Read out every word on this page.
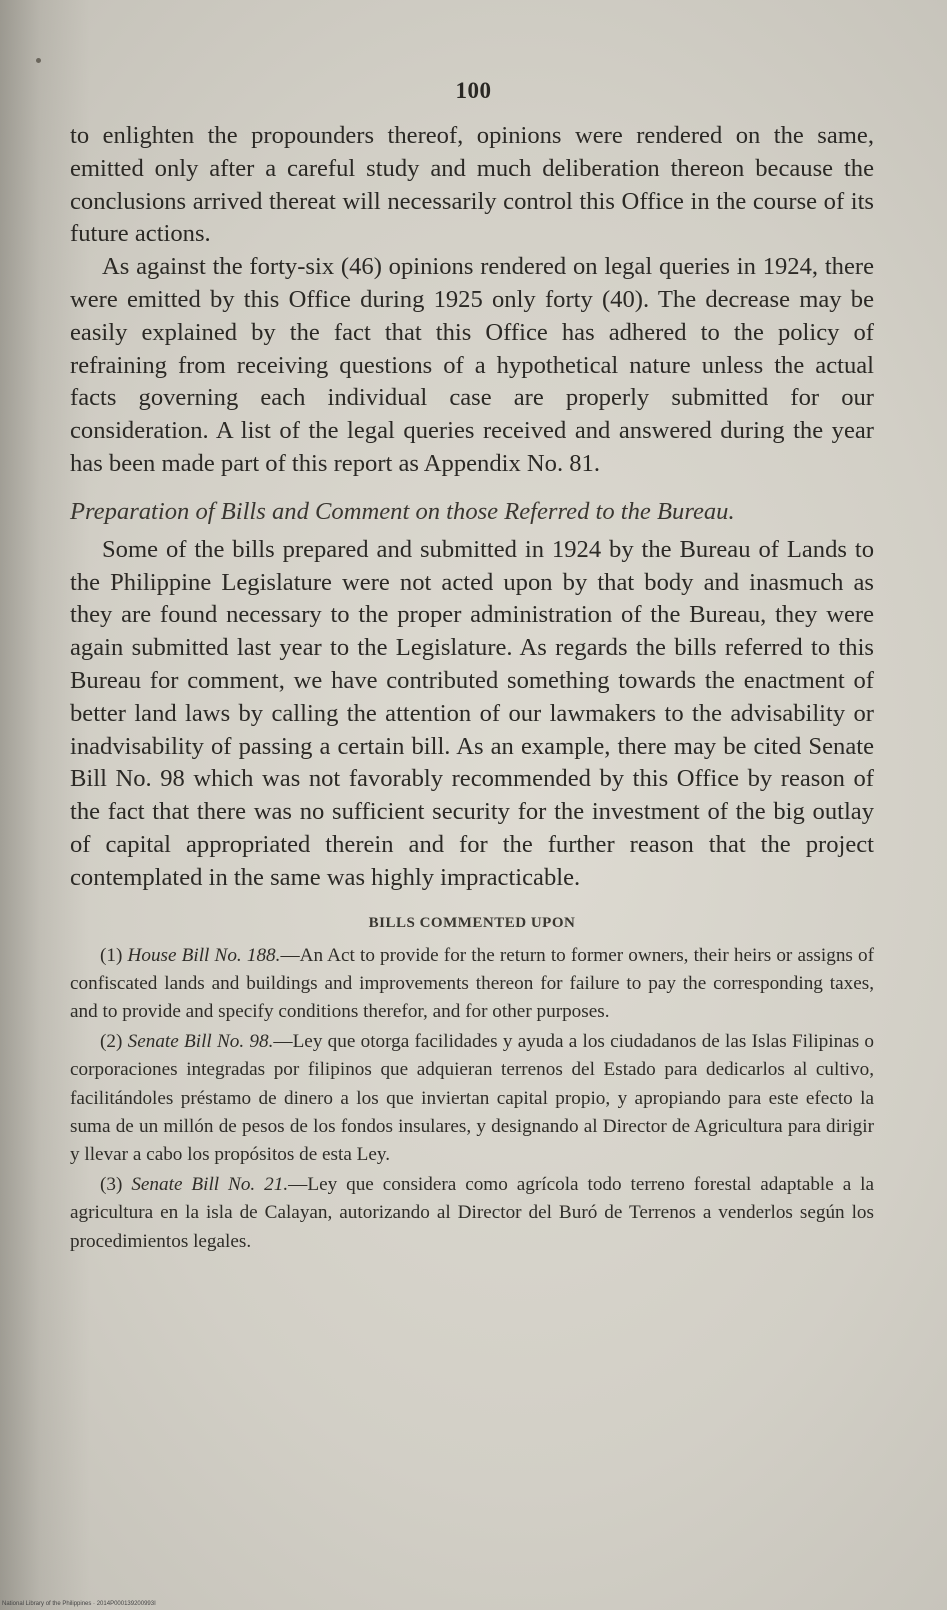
100

to enlighten the propounders thereof, opinions were rendered on the same, emitted only after a careful study and much deliberation thereon because the conclusions arrived thereat will necessarily control this Office in the course of its future actions.

As against the forty-six (46) opinions rendered on legal queries in 1924, there were emitted by this Office during 1925 only forty (40). The decrease may be easily explained by the fact that this Office has adhered to the policy of refraining from receiving questions of a hypothetical nature unless the actual facts governing each individual case are properly submitted for our consideration. A list of the legal queries received and answered during the year has been made part of this report as Appendix No. 81.

Preparation of Bills and Comment on those Referred to the Bureau.

Some of the bills prepared and submitted in 1924 by the Bureau of Lands to the Philippine Legislature were not acted upon by that body and inasmuch as they are found necessary to the proper administration of the Bureau, they were again submitted last year to the Legislature. As regards the bills referred to this Bureau for comment, we have contributed something towards the enactment of better land laws by calling the attention of our lawmakers to the advisability or inadvisability of passing a certain bill. As an example, there may be cited Senate Bill No. 98 which was not favorably recommended by this Office by reason of the fact that there was no sufficient security for the investment of the big outlay of capital appropriated therein and for the further reason that the project contemplated in the same was highly impracticable.

BILLS COMMENTED UPON

(1) House Bill No. 188.—An Act to provide for the return to former owners, their heirs or assigns of confiscated lands and buildings and improvements thereon for failure to pay the corresponding taxes, and to provide and specify conditions therefor, and for other purposes.

(2) Senate Bill No. 98.—Ley que otorga facilidades y ayuda a los ciudadanos de las Islas Filipinas o corporaciones integradas por filipinos que adquieran terrenos del Estado para dedicarlos al cultivo, facilitándoles préstamo de dinero a los que inviertan capital propio, y apropiando para este efecto la suma de un millón de pesos de los fondos insulares, y designando al Director de Agricultura para dirigir y llevar a cabo los propósitos de esta Ley.

(3) Senate Bill No. 21.—Ley que considera como agrícola todo terreno forestal adaptable a la agricultura en la isla de Calayan, autorizando al Director del Buró de Terrenos a venderlos según los procedimientos legales.

National Library of the Philippines · 2014P000139200993I
